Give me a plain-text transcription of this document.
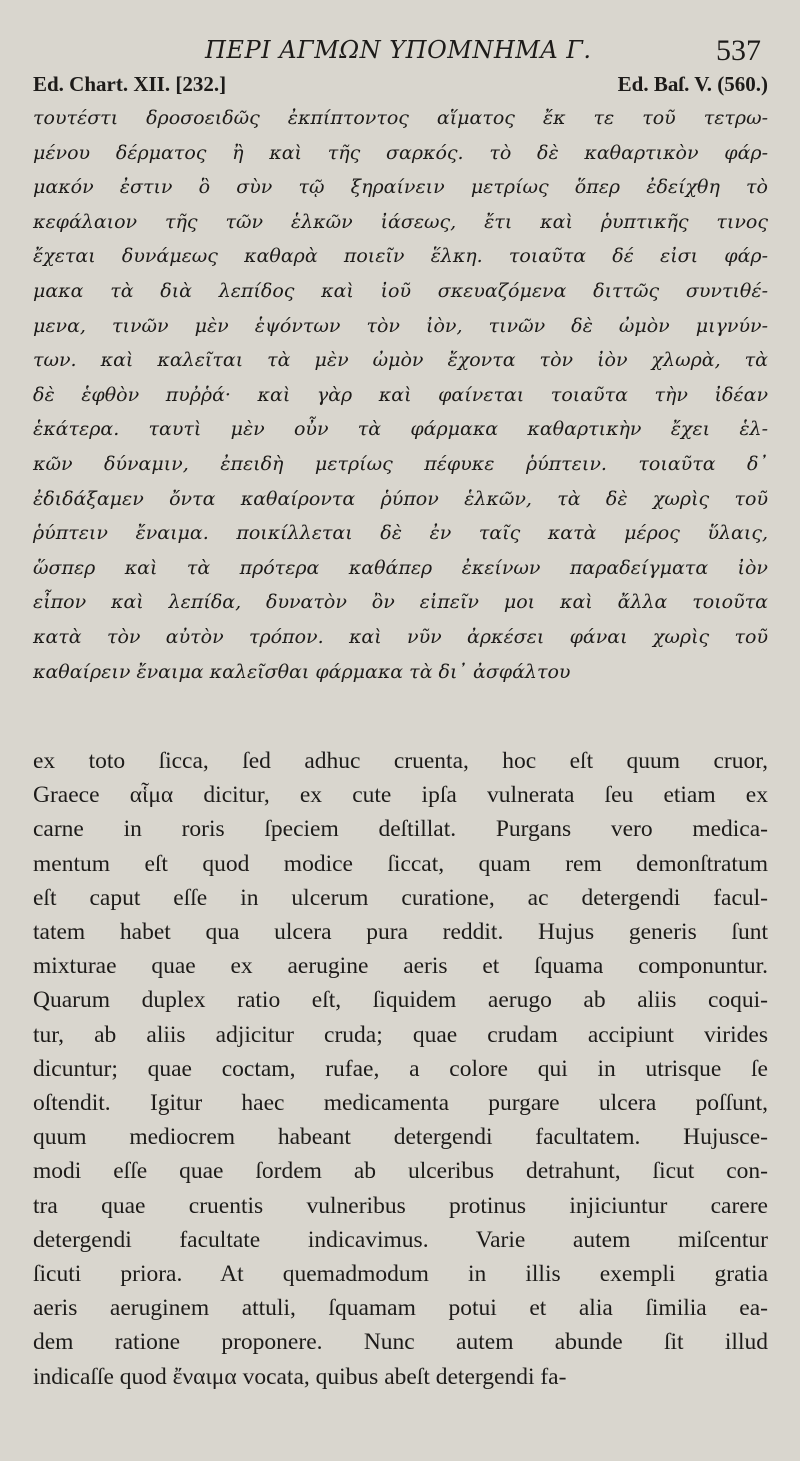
ΠΕΡΙ ΑΓΜΩΝ ΥΠΟΜΝΗΜΑ Γ.	537
Ed. Chart. XII. [232.]	Ed. Baſ. V. (560.)
τουτέστι δροσοειδῶς ἐκπίπτοντος αἵματος ἔκ τε τοῦ τετρω-
μένου δέρματος ἢ καὶ τῆς σαρκός. τὸ δὲ καθαρτικὸν φάρ-
μακόν ἐστιν ὃ σὺν τῷ ξηραίνειν μετρίως ὅπερ ἐδείχθη τὸ
κεφάλαιον τῆς τῶν ἑλκῶν ἰάσεως, ἔτι καὶ ῥυπτικῆς τινος
ἔχεται δυνάμεως καθαρὰ ποιεῖν ἕλκη. τοιαῦτα δέ εἰσι φάρ-
μακα τὰ διὰ λεπίδος καὶ ἰοῦ σκευαζόμενα διττῶς συντιθέ-
μενα, τινῶν μὲν ἑψόντων τὸν ἰὸν, τινῶν δὲ ὠμὸν μιγνύν-
των. καὶ καλεῖται τὰ μὲν ὠμὸν ἔχοντα τὸν ἰὸν χλωρὰ, τὰ
δὲ ἑφθὸν πυῤῥά· καὶ γὰρ καὶ φαίνεται τοιαῦτα τὴν ἰδέαν
ἑκάτερα. ταυτὶ μὲν οὖν τὰ φάρμακα καθαρτικὴν ἔχει ἑλ-
κῶν δύναμιν, ἐπειδὴ μετρίως πέφυκε ῥύπτειν. τοιαῦτα δ᾽
ἐδιδάξαμεν ὄντα καθαίροντα ῥύπον ἑλκῶν, τὰ δὲ χωρὶς τοῦ
ῥύπτειν ἔναιμα. ποικίλλεται δὲ ἐν ταῖς κατὰ μέρος ὕλαις,
ὥσπερ καὶ τὰ πρότερα καθάπερ ἐκείνων παραδείγματα ἰὸν
εἶπον καὶ λεπίδα, δυνατὸν ὂν εἰπεῖν μοι καὶ ἄλλα τοιοῦτα
κατὰ τὸν αὐτὸν τρόπον. καὶ νῦν ἀρκέσει φάναι χωρὶς τοῦ
καθαίρειν ἔναιμα καλεῖσθαι φάρμακα τὰ δι᾽ ἀσφάλτου
ex toto ſicca, ſed adhuc cruenta, hoc eſt quum cruor,
Graece αἷμα dicitur, ex cute ipſa vulnerata ſeu etiam ex
carne in roris ſpeciem deſtillat. Purgans vero medica-
mentum eſt quod modice ſiccat, quam rem demonſtratum
eſt caput eſſe in ulcerum curatione, ac detergendi facul-
tatem habet qua ulcera pura reddit. Hujus generis ſunt
mixturae quae ex aerugine aeris et ſquama componuntur.
Quarum duplex ratio eſt, ſiquidem aerugo ab aliis coqui-
tur, ab aliis adjicitur cruda; quae crudam accipiunt virides
dicuntur; quae coctam, rufae, a colore qui in utrisque ſe
oſtendit. Igitur haec medicamenta purgare ulcera poſſunt,
quum mediocrem habeant detergendi facultatem. Hujusce-
modi eſſe quae ſordem ab ulceribus detrahunt, ſicut con-
tra quae cruentis vulneribus protinus injiciuntur carere
detergendi facultate indicavimus. Varie autem miſcentur
ſicuti priora. At quemadmodum in illis exempli gratia
aeris aeruginem attuli, ſquamam potui et alia ſimilia ea-
dem ratione proponere. Nunc autem abunde ſit illud
indicaſſe quod ἔναιμα vocata, quibus abeſt detergendi fa-
